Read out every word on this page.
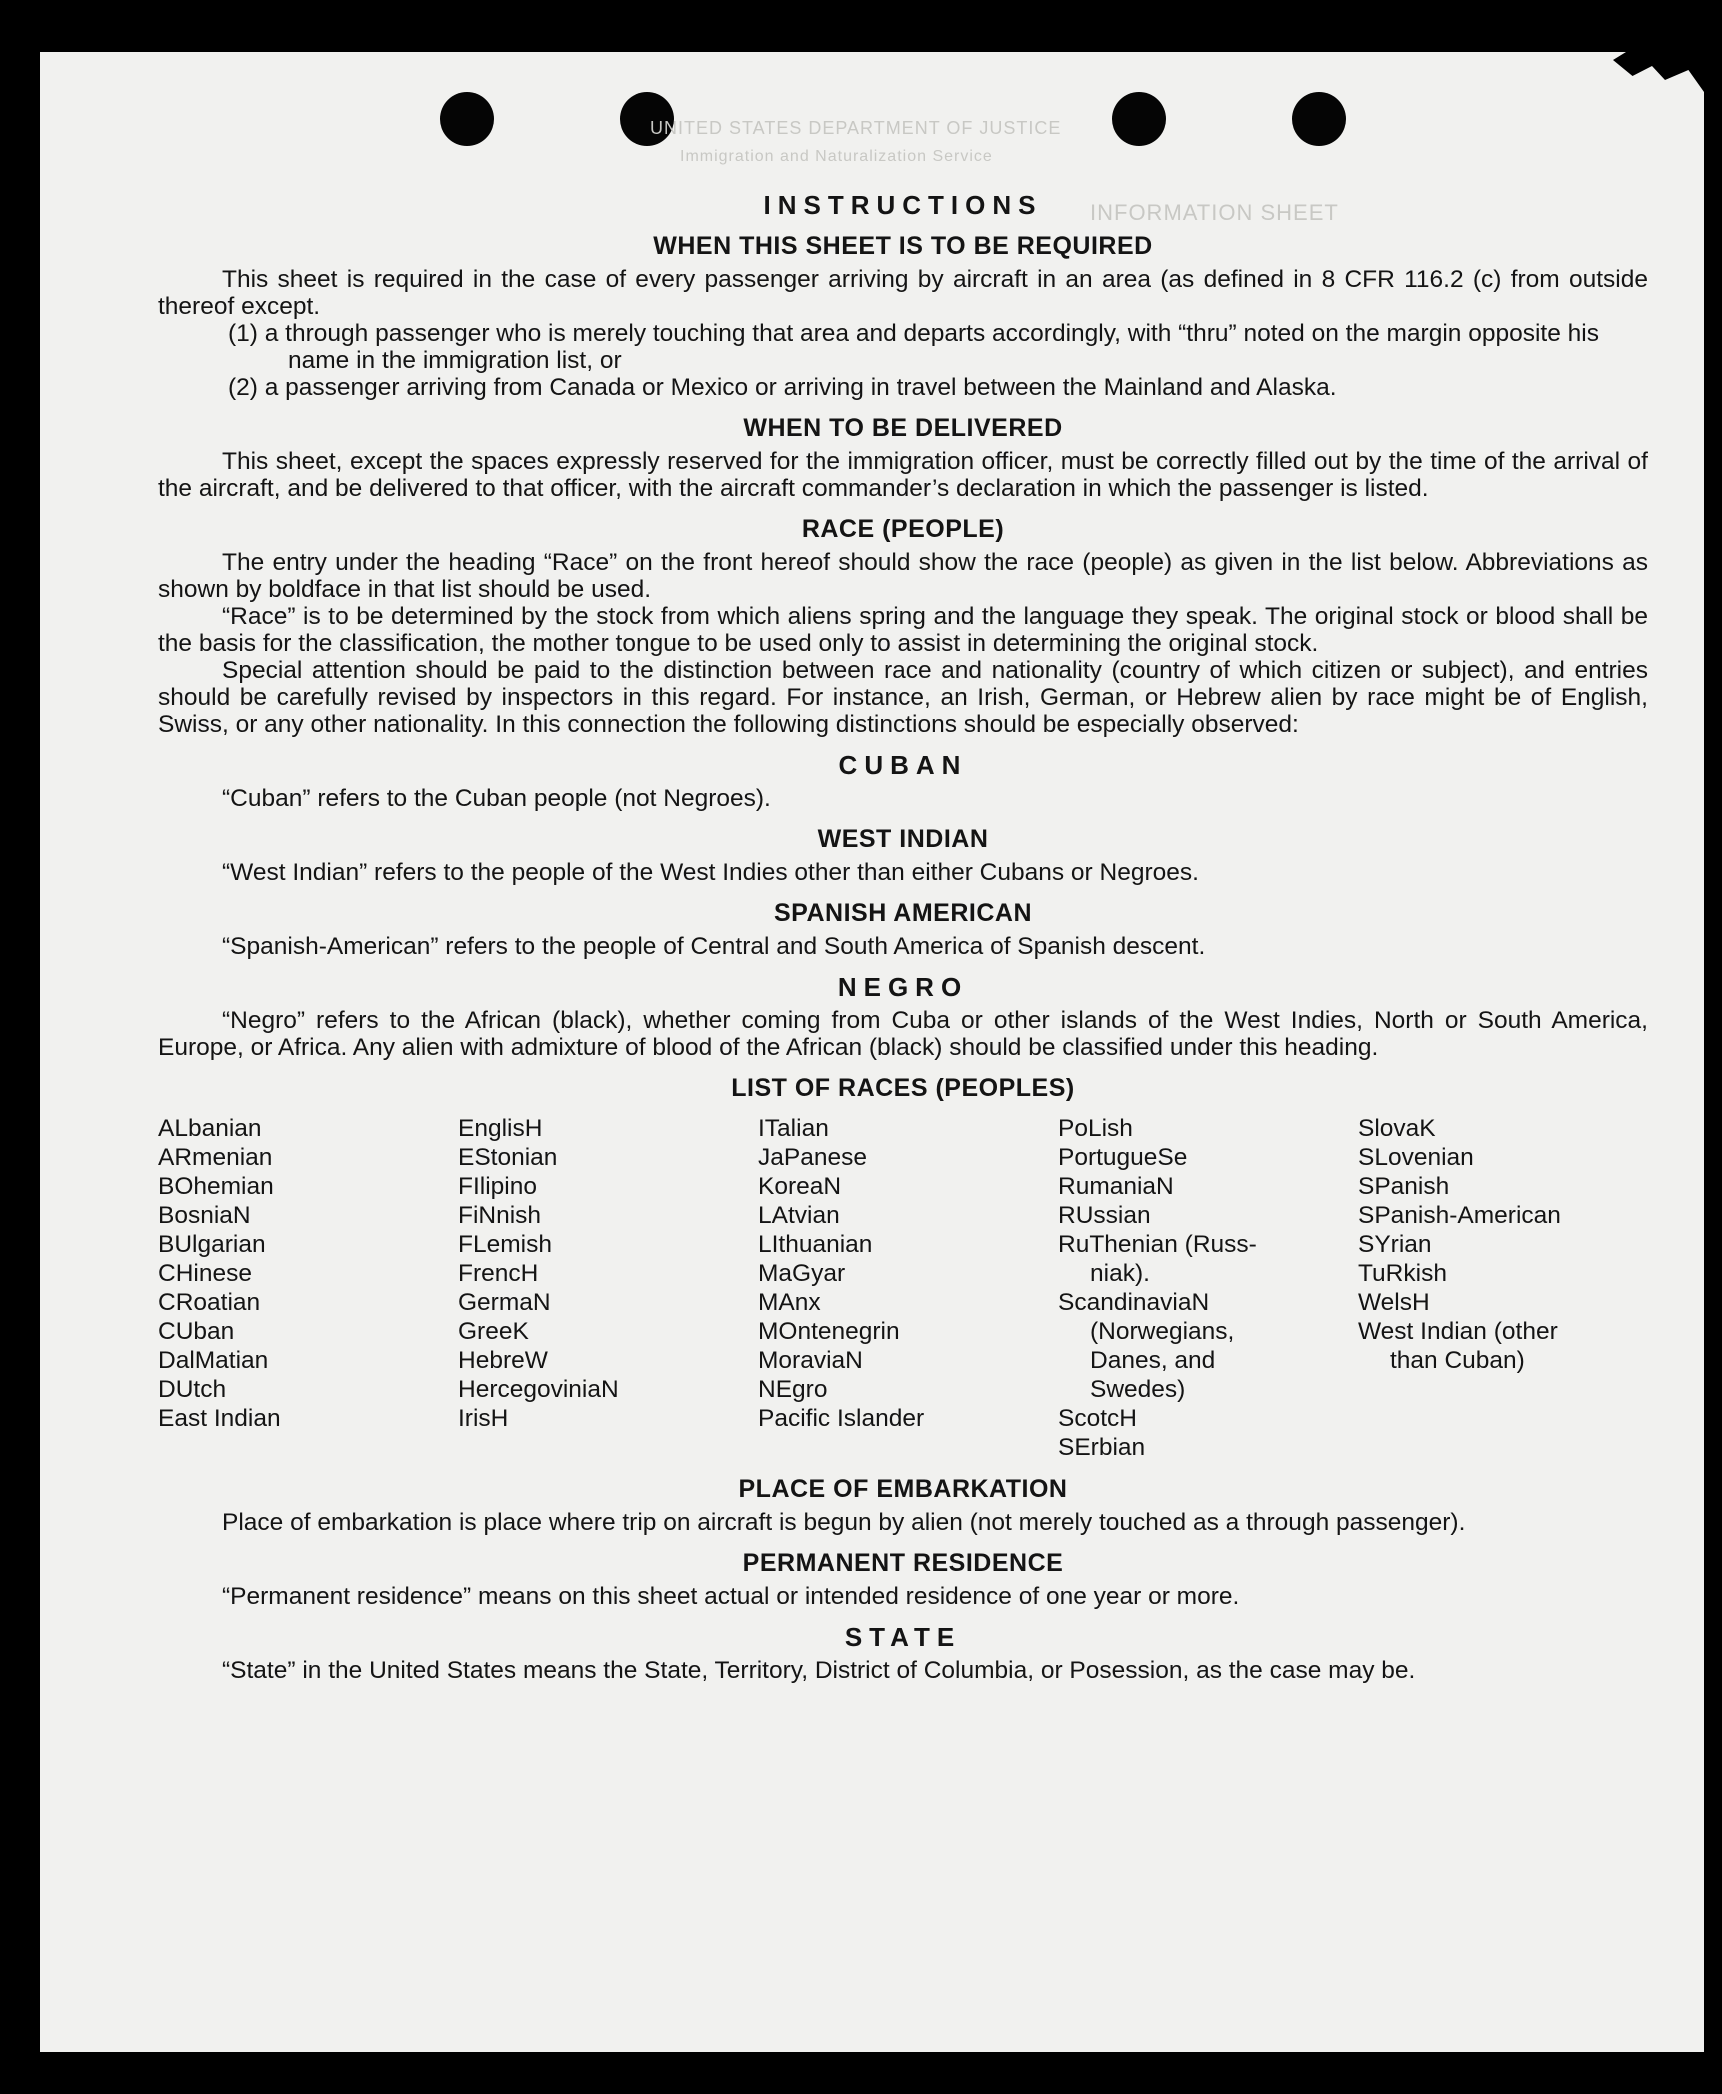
UNITED STATES DEPARTMENT OF JUSTICE
Immigration and Naturalization Service
INFORMATION SHEET
INSTRUCTIONS
WHEN THIS SHEET IS TO BE REQUIRED

This sheet is required in the case of every passenger arriving by aircraft in an area (as defined in 8 CFR 116.2 (c) from outside thereof except.

(1) a through passenger who is merely touching that area and departs accordingly, with “thru” noted on the margin opposite his name in the immigration list, or

(2) a passenger arriving from Canada or Mexico or arriving in travel between the Mainland and Alaska.

WHEN TO BE DELIVERED

This sheet, except the spaces expressly reserved for the immigration officer, must be correctly filled out by the time of the arrival of the aircraft, and be delivered to that officer, with the aircraft commander’s declaration in which the passenger is listed.

RACE (PEOPLE)

The entry under the heading “Race” on the front hereof should show the race (people) as given in the list below. Abbreviations as shown by boldface in that list should be used.

“Race” is to be determined by the stock from which aliens spring and the language they speak. The original stock or blood shall be the basis for the classification, the mother tongue to be used only to assist in determining the original stock.

Special attention should be paid to the distinction between race and nationality (country of which citizen or subject), and entries should be carefully revised by inspectors in this regard. For instance, an Irish, German, or Hebrew alien by race might be of English, Swiss, or any other nationality. In this connection the following distinctions should be especially observed:

CUBAN

“Cuban” refers to the Cuban people (not Negroes).

WEST INDIAN

“West Indian” refers to the people of the West Indies other than either Cubans or Negroes.

SPANISH AMERICAN

“Spanish-American” refers to the people of Central and South America of Spanish descent.

NEGRO

“Negro” refers to the African (black), whether coming from Cuba or other islands of the West Indies, North or South America, Europe, or Africa. Any alien with admixture of blood of the African (black) should be classified under this heading.

LIST OF RACES (PEOPLES)
ALbanian
ARmenian
BOhemian
BosniaN
BUlgarian
CHinese
CRoatian
CUban
DalMatian
DUtch
East Indian
EnglisH
EStonian
FIlipino
FiNnish
FLemish
FrencH
GermaN
GreeK
HebreW
HercegoviniaN
IrisH
ITalian
JaPanese
KoreaN
LAtvian
LIthuanian
MaGyar
MAnx
MOntenegrin
MoraviaN
NEgro
Pacific Islander
PoLish
PortugueSe
RumaniaN
RUssian
RuThenian (Russ-
niak).
ScandinaviaN
(Norwegians,
Danes, and
Swedes)
ScotcH
SErbian
SlovaK
SLovenian
SPanish
SPanish-American
SYrian
TuRkish
WelsH
West Indian (other
than Cuban)
PLACE OF EMBARKATION

Place of embarkation is place where trip on aircraft is begun by alien (not merely touched as a through passenger).

PERMANENT RESIDENCE

“Permanent residence” means on this sheet actual or intended residence of one year or more.

STATE

“State” in the United States means the State, Territory, District of Columbia, or Posession, as the case may be.
